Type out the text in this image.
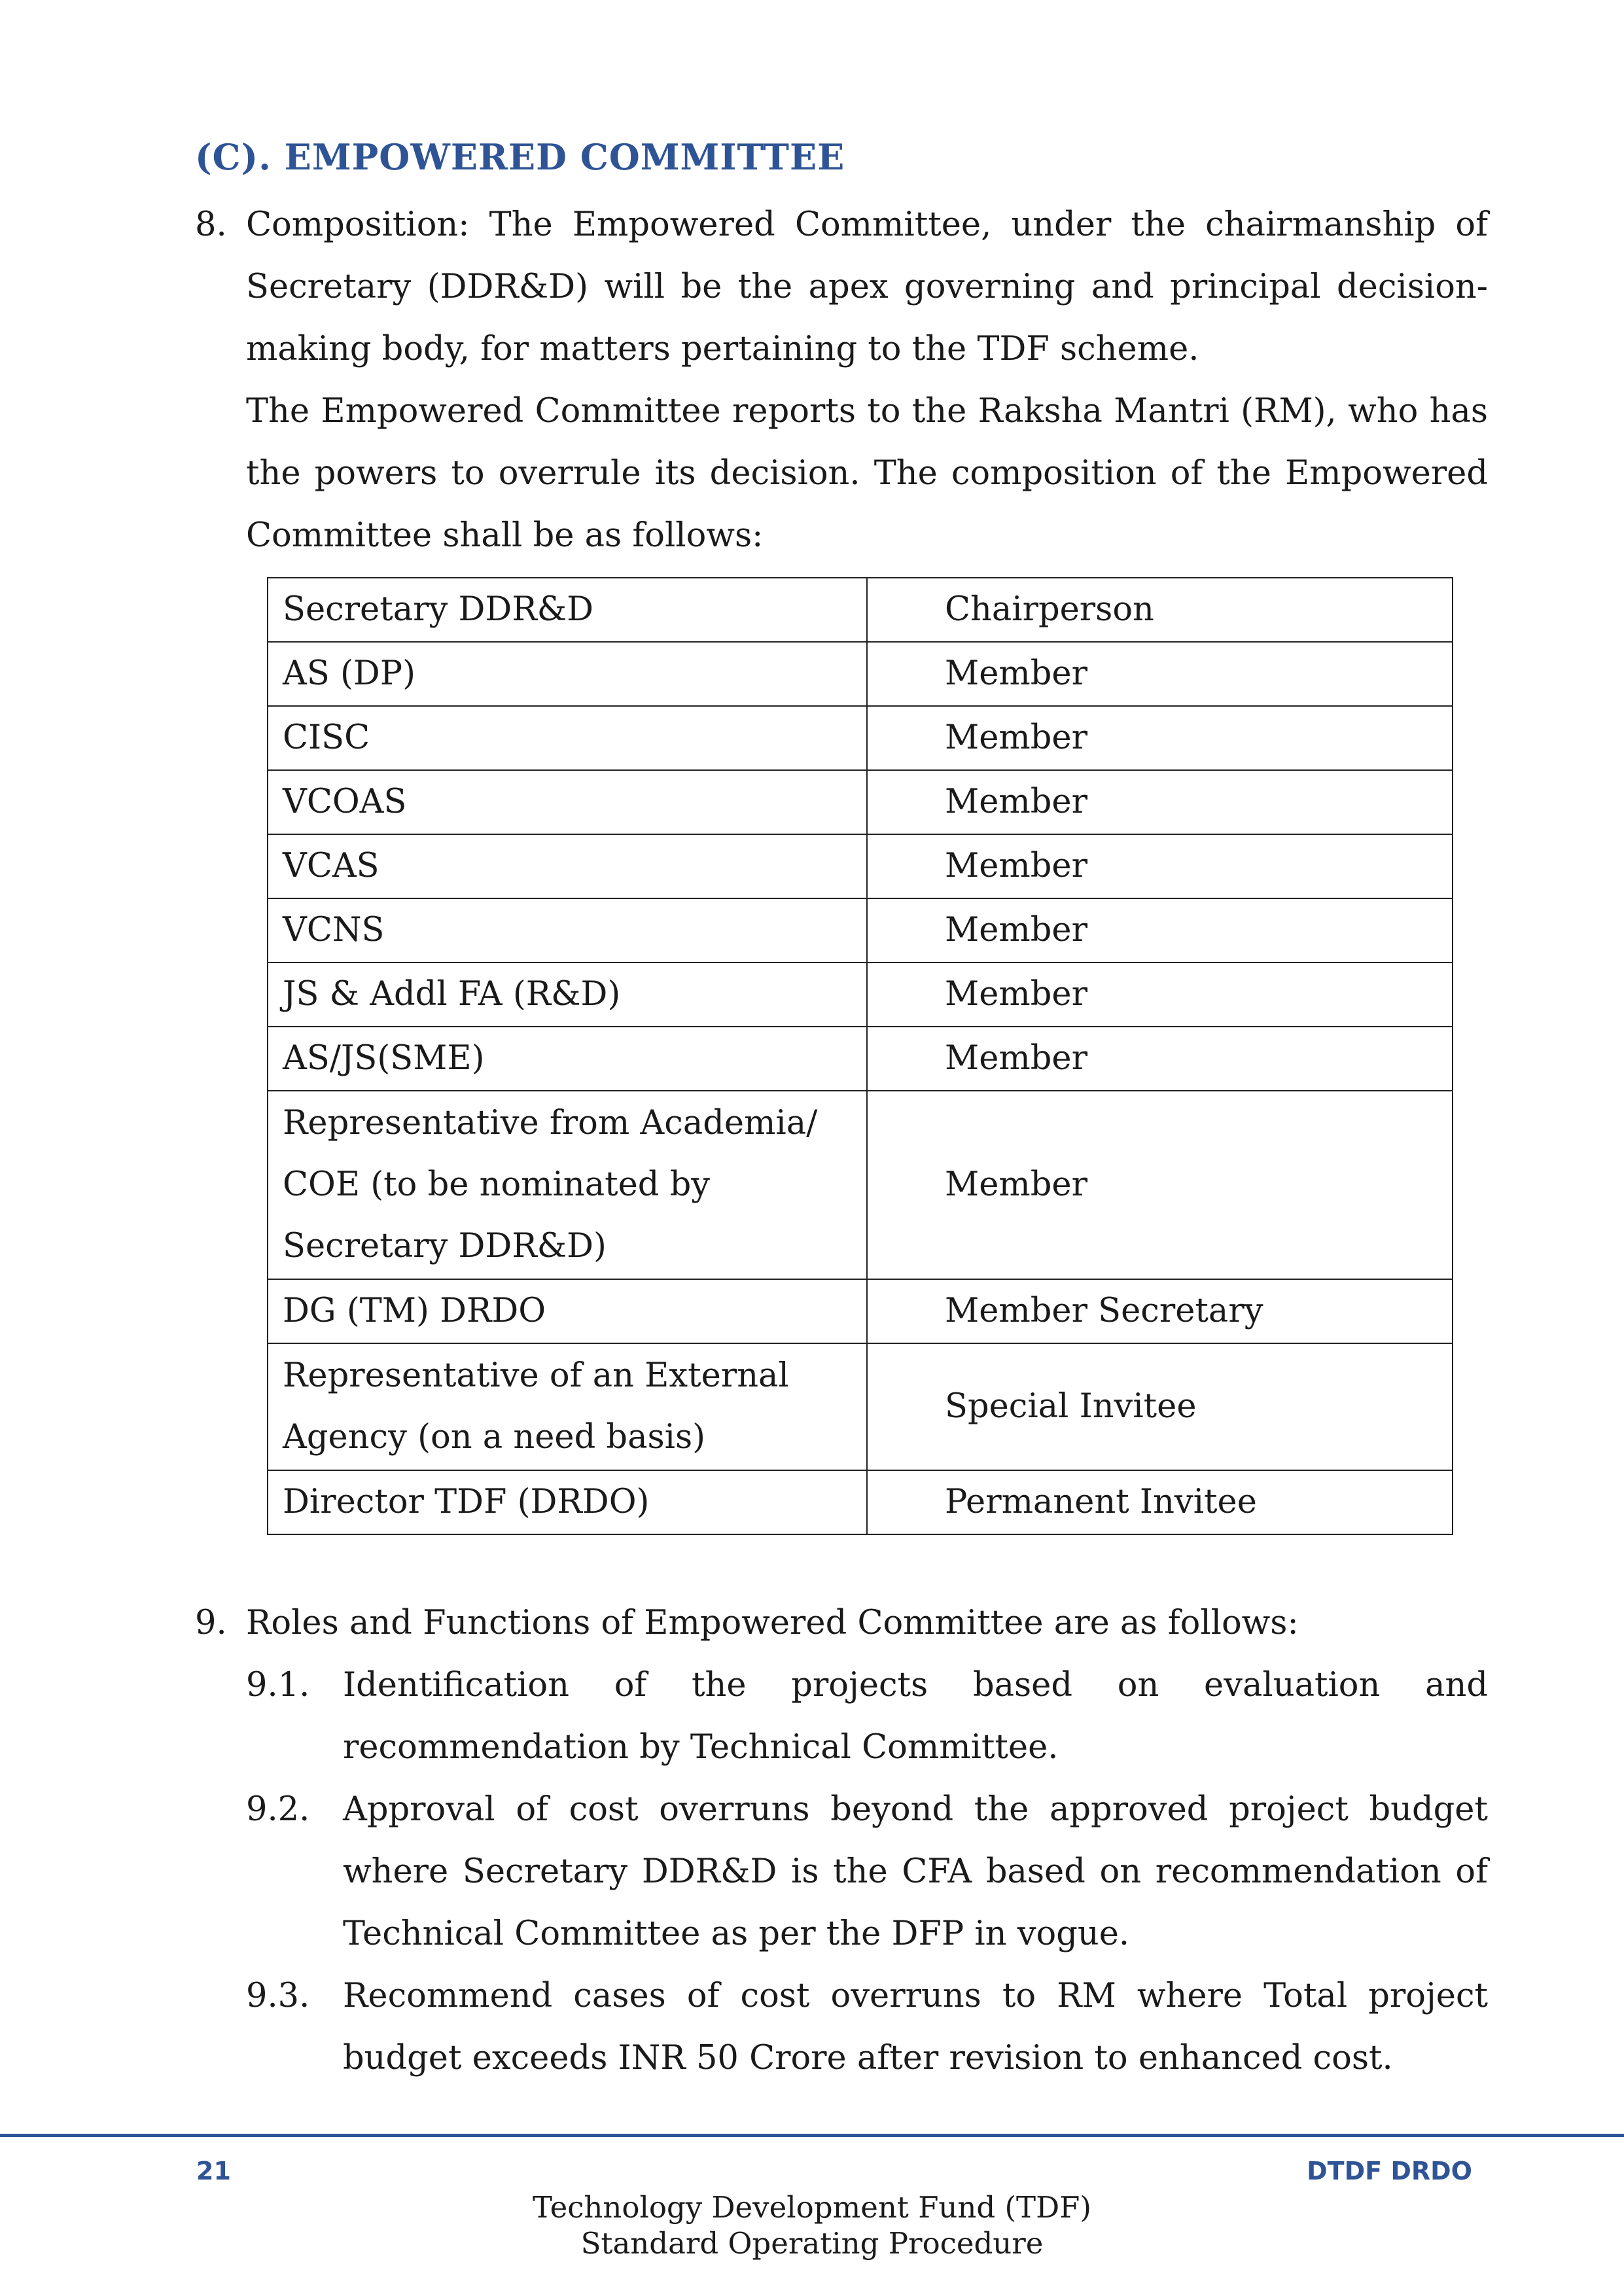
(C). EMPOWERED COMMITTEE
8. Composition: The Empowered Committee, under the chairmanship of Secretary (DDR&D) will be the apex governing and principal decision-making body, for matters pertaining to the TDF scheme.

The Empowered Committee reports to the Raksha Mantri (RM), who has the powers to overrule its decision. The composition of the Empowered Committee shall be as follows:

Secretary DDR&D	Chairperson
AS (DP)	Member
CISC	Member
VCOAS	Member
VCAS	Member
VCNS	Member
JS & Addl FA (R&D)	Member
AS/JS(SME)	Member
Representative from Academia/ COE (to be nominated by Secretary DDR&D)	Member
DG (TM) DRDO	Member Secretary
Representative of an External Agency (on a need basis)	Special Invitee
Director TDF (DRDO)	Permanent Invitee
9. Roles and Functions of Empowered Committee are as follows:

9.1. Identification of the projects based on evaluation and recommendation by Technical Committee.
9.2. Approval of cost overruns beyond the approved project budget where Secretary DDR&D is the CFA based on recommendation of Technical Committee as per the DFP in vogue.
9.3. Recommend cases of cost overruns to RM where Total project budget exceeds INR 50 Crore after revision to enhanced cost.
21	DTDF DRDO
Technology Development Fund (TDF)
Standard Operating Procedure
